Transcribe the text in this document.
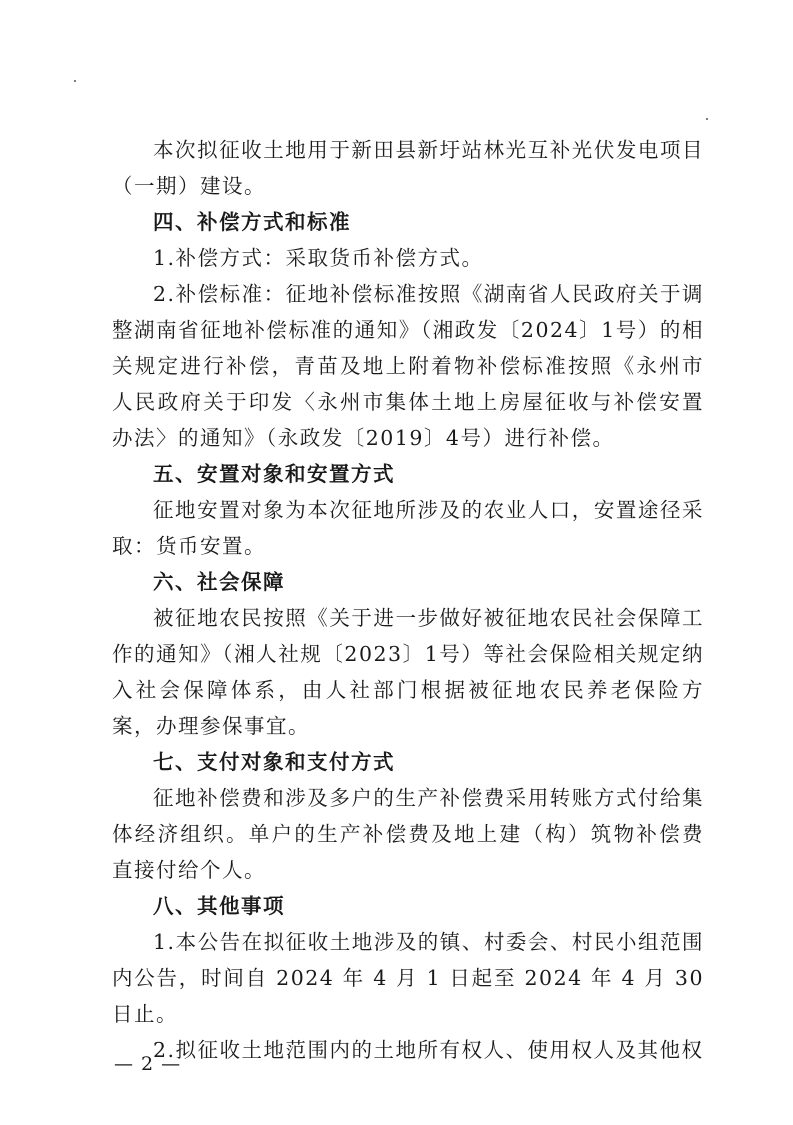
本次拟征收土地用于新田县新圩站林光互补光伏发电项目（一期）建设。

四、补偿方式和标准

1.补偿方式：采取货币补偿方式。

2.补偿标准：征地补偿标准按照《湖南省人民政府关于调整湖南省征地补偿标准的通知》（湘政发〔2024〕1号）的相关规定进行补偿，青苗及地上附着物补偿标准按照《永州市人民政府关于印发〈永州市集体土地上房屋征收与补偿安置办法〉的通知》（永政发〔2019〕4号）进行补偿。

五、安置对象和安置方式

征地安置对象为本次征地所涉及的农业人口，安置途径采取：货币安置。

六、社会保障

被征地农民按照《关于进一步做好被征地农民社会保障工作的通知》（湘人社规〔2023〕1号）等社会保险相关规定纳入社会保障体系，由人社部门根据被征地农民养老保险方案，办理参保事宜。

七、支付对象和支付方式

征地补偿费和涉及多户的生产补偿费采用转账方式付给集体经济组织。单户的生产补偿费及地上建（构）筑物补偿费直接付给个人。

八、其他事项

1.本公告在拟征收土地涉及的镇、村委会、村民小组范围内公告，时间自 2024 年 4 月 1 日起至 2024 年 4 月 30 日止。

2.拟征收土地范围内的土地所有权人、使用权人及其他权

— 2 —
